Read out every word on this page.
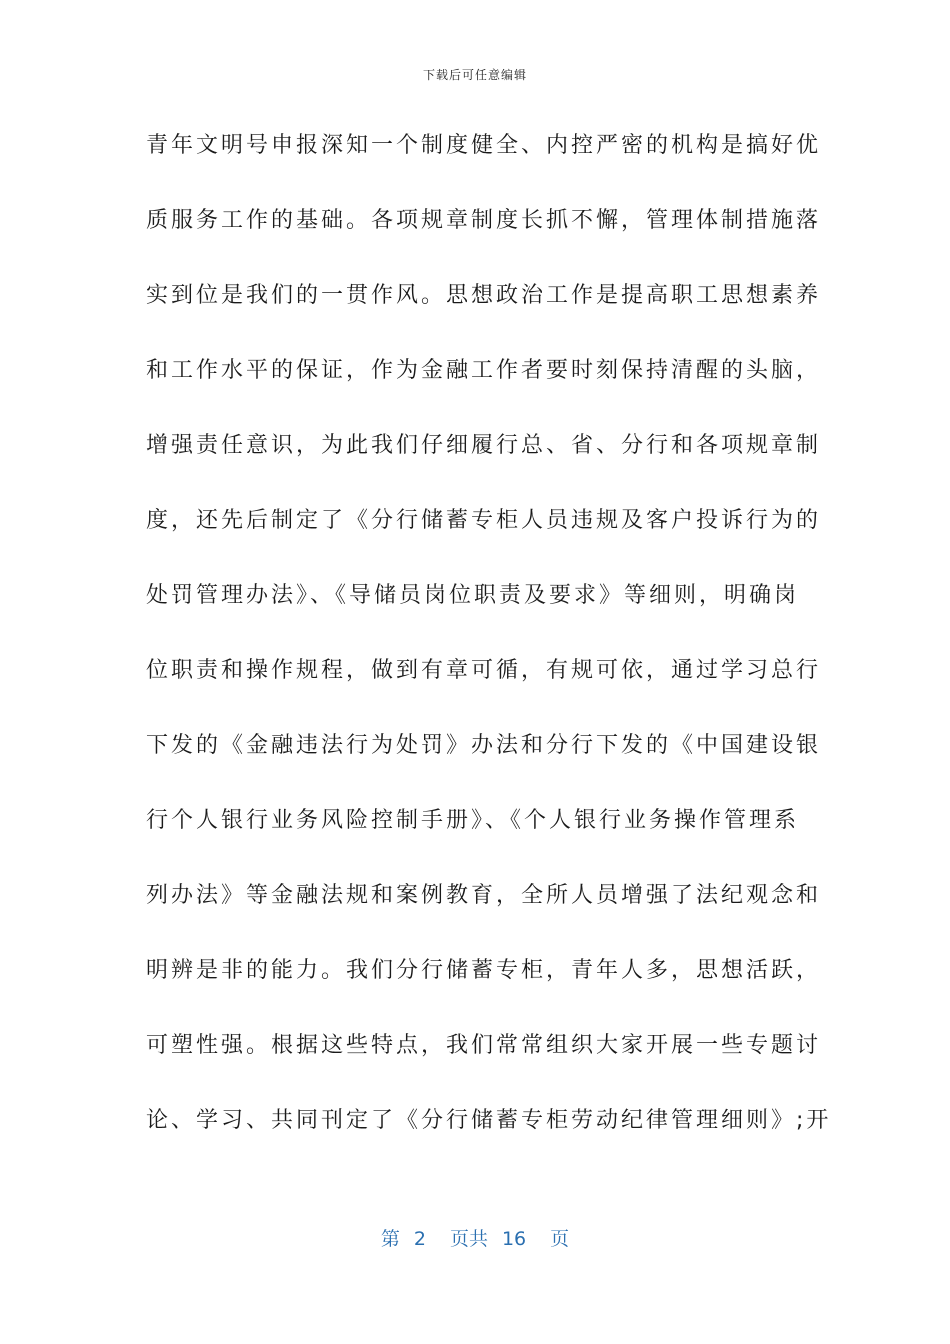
下载后可任意编辑
青年文明号申报深知一个制度健全、内控严密的机构是搞好优
质服务工作的基础。各项规章制度长抓不懈，管理体制措施落
实到位是我们的一贯作风。思想政治工作是提高职工思想素养
和工作水平的保证，作为金融工作者要时刻保持清醒的头脑，
增强责任意识，为此我们仔细履行总、省、分行和各项规章制
度，还先后制定了《分行储蓄专柜人员违规及客户投诉行为的
处罚管理办法》、《导储员岗位职责及要求》等细则，明确岗
位职责和操作规程，做到有章可循，有规可依，通过学习总行
下发的《金融违法行为处罚》办法和分行下发的《中国建设银
行个人银行业务风险控制手册》、《个人银行业务操作管理系
列办法》等金融法规和案例教育，全所人员增强了法纪观念和
明辨是非的能力。我们分行储蓄专柜，青年人多，思想活跃，
可塑性强。根据这些特点，我们常常组织大家开展一些专题讨
论、学习、共同刊定了《分行储蓄专柜劳动纪律管理细则》;开
第 2 页共 16 页
